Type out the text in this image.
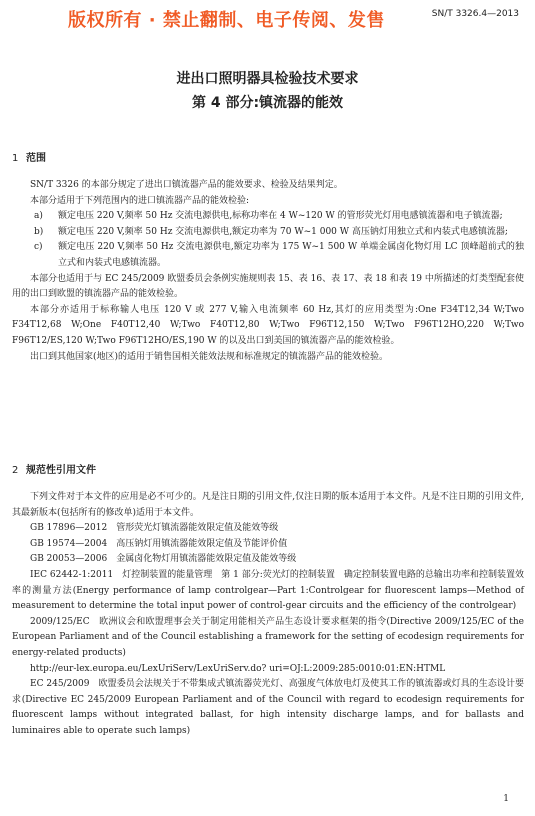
版权所有 · 禁止翻制、电子传阅、发售	SN/T 3326.4—2013
进出口照明器具检验技术要求
第 4 部分:镇流器的能效
1 范围

SN/T 3326 的本部分规定了进出口镇流器产品的能效要求、检验及结果判定。

本部分适用于下列范围内的进口镇流器产品的能效检验:

a) 额定电压 220 V,频率 50 Hz 交流电源供电,标称功率在 4 W~120 W 的管形荧光灯用电感镇流器和电子镇流器;

b) 额定电压 220 V,频率 50 Hz 交流电源供电,额定功率为 70 W~1 000 W 高压钠灯用独立式和内装式电感镇流器;

c) 额定电压 220 V,频率 50 Hz 交流电源供电,额定功率为 175 W~1 500 W 单端金属卤化物灯用 LC 顶峰超前式的独立式和内装式电感镇流器。

本部分也适用于与 EC 245/2009 欧盟委员会条例实施规则表 15、表 16、表 17、表 18 和表 19 中所描述的灯类型配套使用的出口到欧盟的镇流器产品的能效检验。

本部分亦适用于标称输人电压 120 V 或 277 V,输入电流频率 60 Hz,其灯的应用类型为:One F34T12,34 W;Two F34T12,68 W;One F40T12,40 W;Two F40T12,80 W;Two F96T12,150 W;Two F96T12HO,220 W;Two F96T12/ES,120 W;Two F96T12HO/ES,190 W 的以及出口到美国的镇流器产品的能效检验。

出口到其他国家(地区)的适用于销售国相关能效法规和标准规定的镇流器产品的能效检验。

2 规范性引用文件

下列文件对于本文件的应用是必不可少的。凡是注日期的引用文件,仅注日期的版本适用于本文件。凡是不注日期的引用文件,其最新版本(包括所有的修改单)适用于本文件。

GB 17896—2012　管形荧光灯镇流器能效限定值及能效等级

GB 19574—2004　高压钠灯用镇流器能效限定值及节能评价值

GB 20053—2006　金属卤化物灯用镇流器能效限定值及能效等级

IEC 62442-1:2011　灯控制装置的能量管理　第 1 部分:荧光灯的控制装置　确定控制装置电路的总输出功率和控制装置效率的测量方法(Energy performance of lamp controlgear—Part 1:Controlgear for fluorescent lamps—Method of measurement to determine the total input power of control-gear circuits and the efficiency of the controlgear)

2009/125/EC　欧洲议会和欧盟理事会关于制定用能相关产品生态设计要求框架的指令(Directive 2009/125/EC of the European Parliament and of the Council establishing a framework for the setting of ecodesign requirements for energy-related products)

http://eur-lex.europa.eu/LexUriServ/LexUriServ.do? uri=OJ:L:2009:285:0010:01:EN:HTML

EC 245/2009　欧盟委员会法规关于不带集成式镇流器荧光灯、高强度气体放电灯及使其工作的镇流器或灯具的生态设计要求(Directive EC 245/2009 European Parliament and of the Council with regard to ecodesign requirements for fluorescent lamps without integrated ballast, for high intensity discharge lamps, and for ballasts and luminaires able to operate such lamps)

1
